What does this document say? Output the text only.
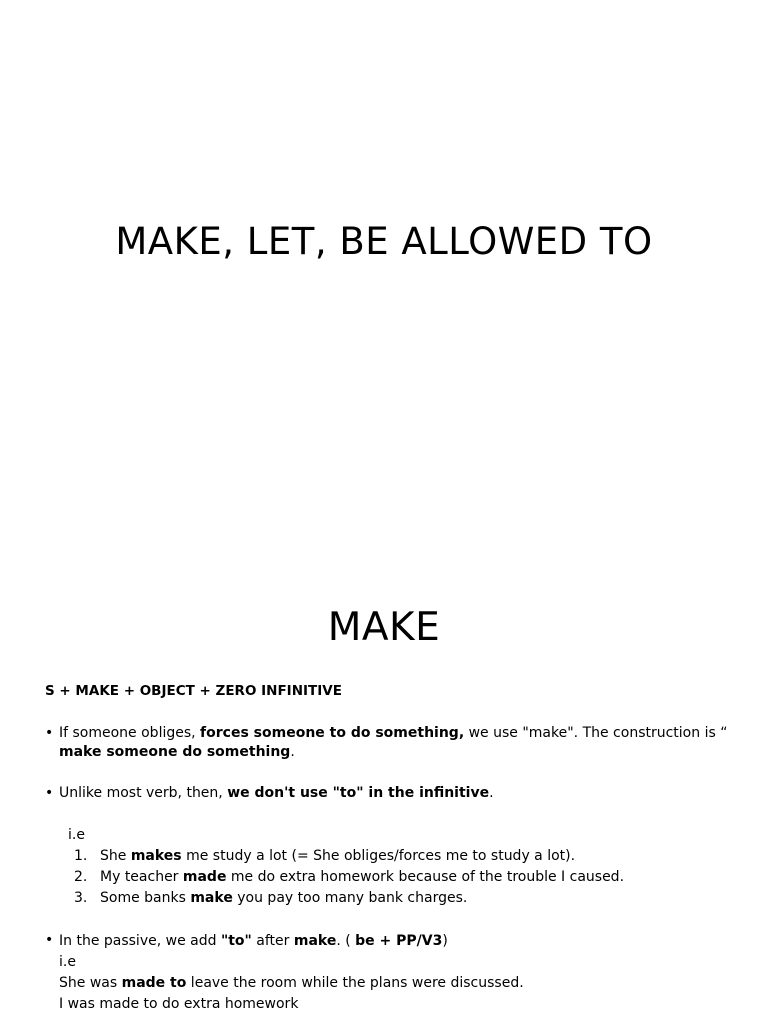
MAKE, LET, BE ALLOWED TO
MAKE
S + MAKE + OBJECT + ZERO INFINITIVE
• If someone obliges, forces someone to do something, we use "make". The construction is “
make someone do something.
• Unlike most verb, then, we don't use "to" in the infinitive.
i.e
1. She makes me study a lot (= She obliges/forces me to study a lot).
2. My teacher made me do extra homework because of the trouble I caused.
3. Some banks make you pay too many bank charges.
• In the passive, we add "to" after make. ( be + PP/V3)
i.e
She was made to leave the room while the plans were discussed.
I was made to do extra homework
